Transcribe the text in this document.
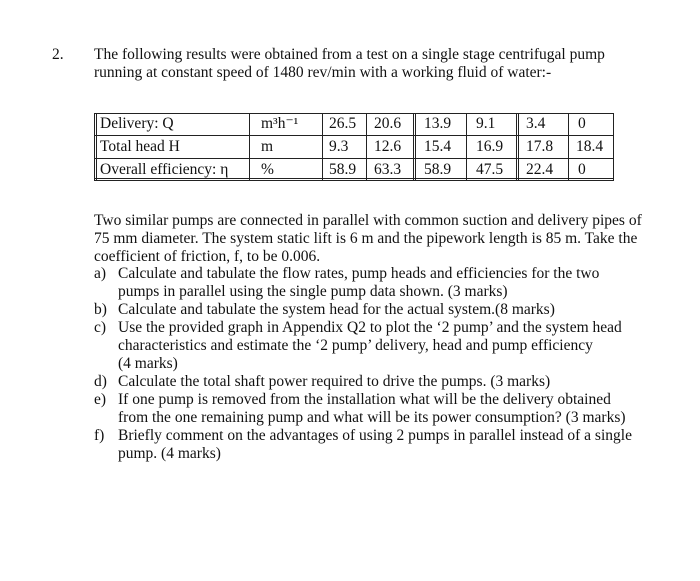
2. The following results were obtained from a test on a single stage centrifugal pump
running at constant speed of 1480 rev/min with a working fluid of water:-
Delivery: Q	m³h⁻¹ 26.5 20.6 13.9 9.1 3.4 0
Total head H	m	9.3 12.6 15.4 16.9 17.8 18.4
Overall efficiency: η %	58.9 63.3 58.9 47.5 22.4 0
Two similar pumps are connected in parallel with common suction and delivery pipes of
75 mm diameter. The system static lift is 6 m and the pipework length is 85 m. Take the
coefficient of friction, f, to be 0.006.
a) Calculate and tabulate the flow rates, pump heads and efficiencies for the two
pumps in parallel using the single pump data shown. (3 marks)
b) Calculate and tabulate the system head for the actual system.(8 marks)
c) Use the provided graph in Appendix Q2 to plot the ‘2 pump’ and the system head
characteristics and estimate the ‘2 pump’ delivery, head and pump efficiency
(4 marks)
d) Calculate the total shaft power required to drive the pumps. (3 marks)
e) If one pump is removed from the installation what will be the delivery obtained
from the one remaining pump and what will be its power consumption? (3 marks)
f) Briefly comment on the advantages of using 2 pumps in parallel instead of a single
pump. (4 marks)
